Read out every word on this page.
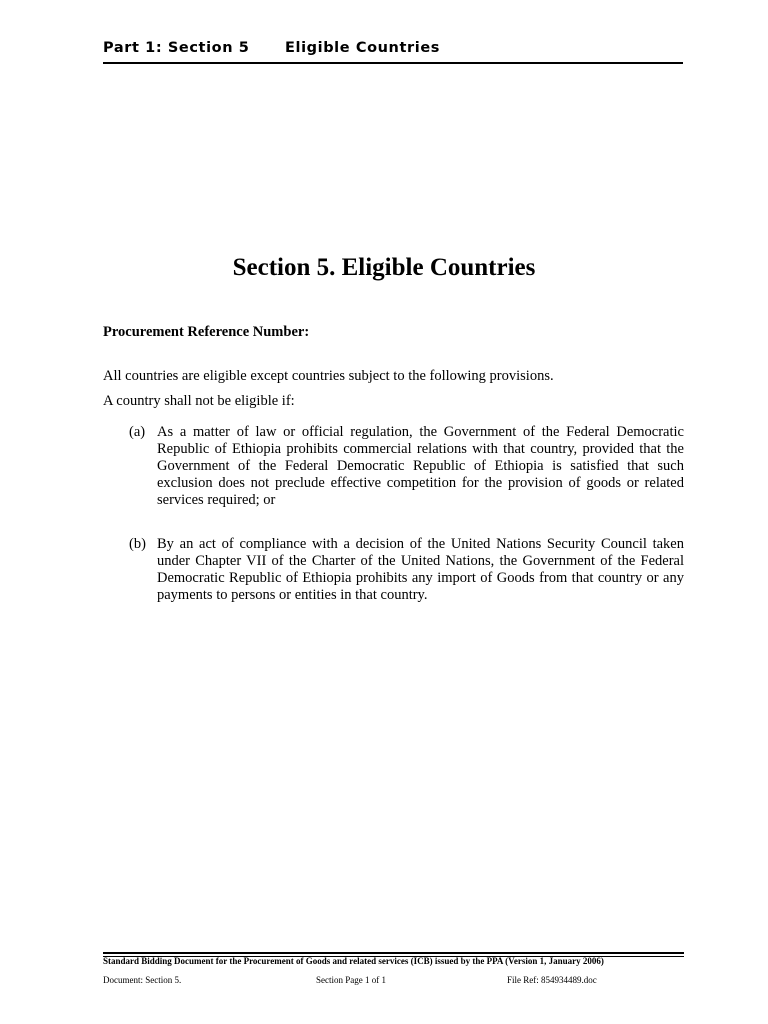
Part 1: Section 5 Eligible Countries
Section 5. Eligible Countries

Procurement Reference Number:

All countries are eligible except countries subject to the following provisions.

A country shall not be eligible if:

(a) As a matter of law or official regulation, the Government of the Federal Democratic Republic of Ethiopia prohibits commercial relations with that country, provided that the Government of the Federal Democratic Republic of Ethiopia is satisfied that such exclusion does not preclude effective competition for the provision of goods or related services required; or
(b) By an act of compliance with a decision of the United Nations Security Council taken under Chapter VII of the Charter of the United Nations, the Government of the Federal Democratic Republic of Ethiopia prohibits any import of Goods from that country or any payments to persons or entities in that country.
Standard Bidding Document for the Procurement of Goods and related services (ICB) issued by the PPA (Version 1, January 2006)
Document: Section 5.	Section Page 1 of 1	File Ref: 854934489.doc
